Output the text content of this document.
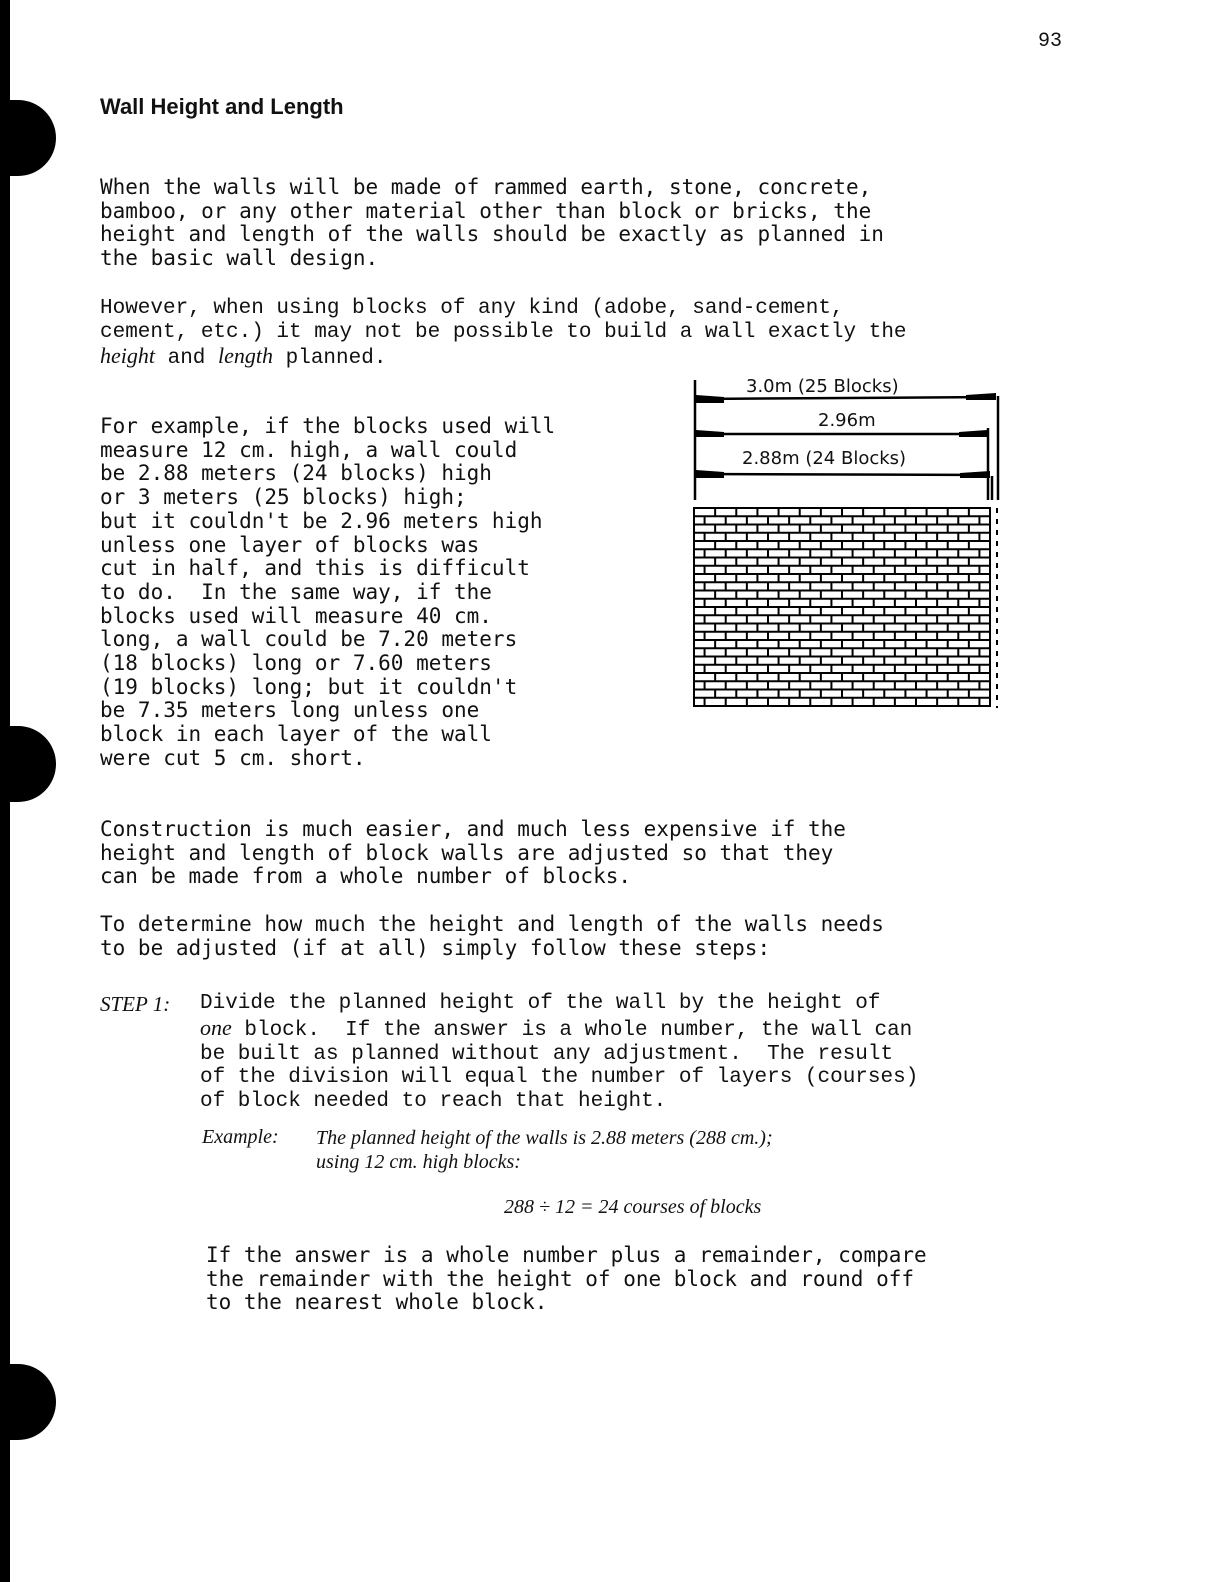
93
Wall Height and Length
When the walls will be made of rammed earth, stone, concrete,
bamboo, or any other material other than block or bricks, the
height and length of the walls should be exactly as planned in
the basic wall design.
However, when using blocks of any kind (adobe, sand-cement,
cement, etc.) it may not be possible to build a wall exactly the
height and length planned.
For example, if the blocks used will
measure 12 cm. high, a wall could
be 2.88 meters (24 blocks) high
or 3 meters (25 blocks) high;
but it couldn't be 2.96 meters high
unless one layer of blocks was
cut in half, and this is difficult
to do.  In the same way, if the
blocks used will measure 40 cm.
long, a wall could be 7.20 meters
(18 blocks) long or 7.60 meters
(19 blocks) long; but it couldn't
be 7.35 meters long unless one
block in each layer of the wall
were cut 5 cm. short.
3.0m (25 Blocks)
2.96m
2.88m (24 Blocks)
Construction is much easier, and much less expensive if the
height and length of block walls are adjusted so that they
can be made from a whole number of blocks.
To determine how much the height and length of the walls needs
to be adjusted (if at all) simply follow these steps:
STEP 1: Divide the planned height of the wall by the height of
one block.  If the answer is a whole number, the wall can
be built as planned without any adjustment.  The result
of the division will equal the number of layers (courses)
of block needed to reach that height.
Example: The planned height of the walls is 2.88 meters (288 cm.);
using 12 cm. high blocks:
288 ÷ 12 = 24 courses of blocks
If the answer is a whole number plus a remainder, compare
the remainder with the height of one block and round off
to the nearest whole block.
